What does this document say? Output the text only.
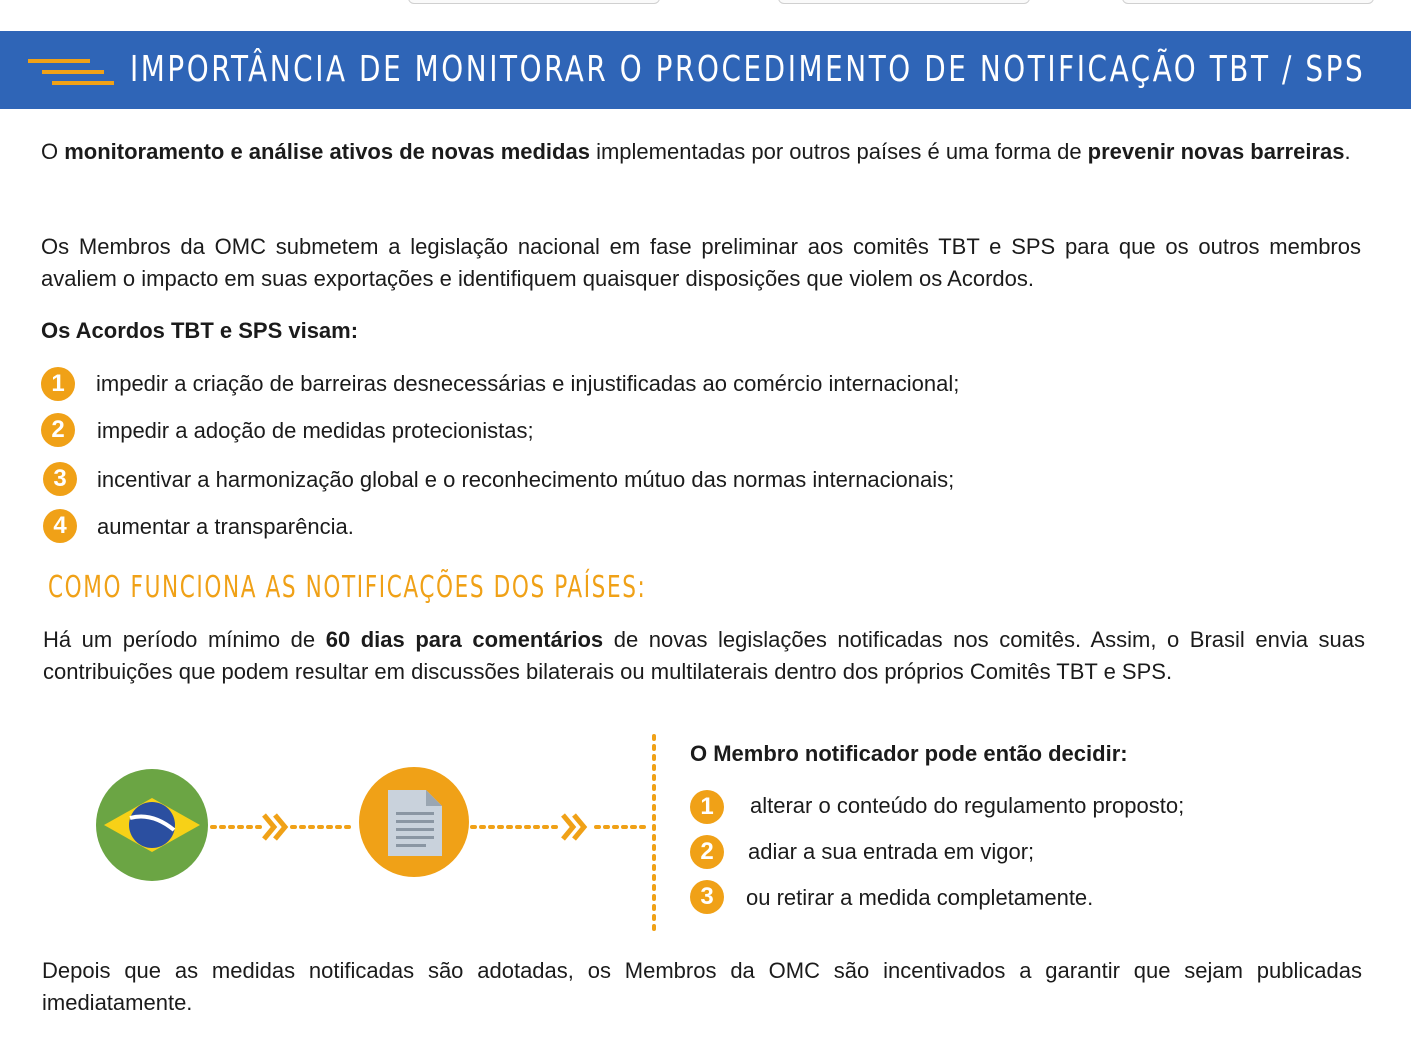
IMPORTÂNCIA DE MONITORAR O PROCEDIMENTO DE NOTIFICAÇÃO TBT / SPS
O monitoramento e análise ativos de novas medidas implementadas por outros países é uma forma de prevenir novas barreiras.
Os Membros da OMC submetem a legislação nacional em fase preliminar aos comitês TBT e SPS para que os outros membros avaliem o impacto em suas exportações e identifiquem quaisquer disposições que violem os Acordos.
Os Acordos TBT e SPS visam:
1	impedir a criação de barreiras desnecessárias e injustificadas ao comércio internacional;
2	impedir a adoção de medidas protecionistas;
3	incentivar a harmonização global e o reconhecimento mútuo das normas internacionais;
4	aumentar a transparência.
COMO FUNCIONA AS NOTIFICAÇÕES DOS PAÍSES:
Há um período mínimo de 60 dias para comentários de novas legislações notificadas nos comitês. Assim, o Brasil envia suas contribuições que podem resultar em discussões bilaterais ou multilaterais dentro dos próprios Comitês TBT e SPS.
O Membro notificador pode então decidir:
1	alterar o conteúdo do regulamento proposto;
2	adiar a sua entrada em vigor;
3	ou retirar a medida completamente.
Depois que as medidas notificadas são adotadas, os Membros da OMC são incentivados a garantir que sejam publicadas imediatamente.
